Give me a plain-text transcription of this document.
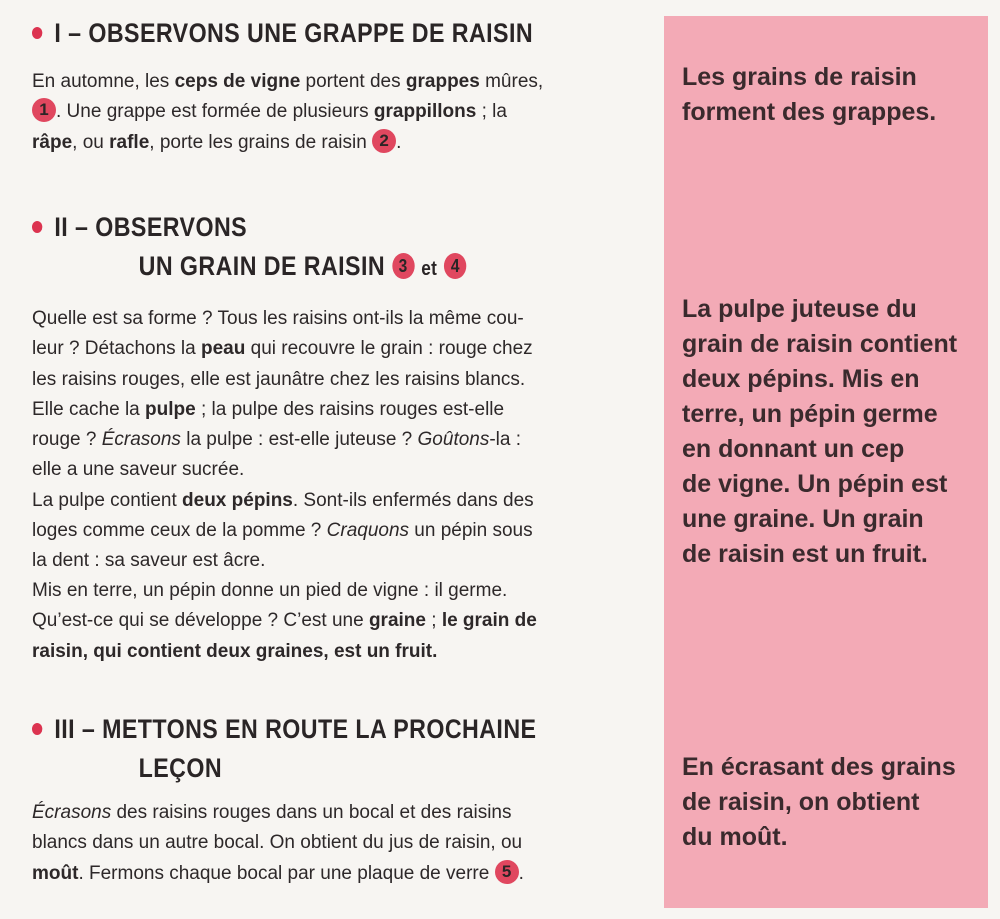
I – OBSERVONS UNE GRAPPE DE RAISIN

En automne, les ceps de vigne portent des grappes mûres,
1 . Une grappe est formée de plusieurs grappillons ; la
râpe, ou rafle, porte les grains de raisin 2 .

II – OBSERVONS
UN GRAIN DE RAISIN 3 et 4

Quelle est sa forme ? Tous les raisins ont-ils la même cou-
leur ? Détachons la peau qui recouvre le grain : rouge chez
les raisins rouges, elle est jaunâtre chez les raisins blancs.
Elle cache la pulpe ; la pulpe des raisins rouges est-elle
rouge ? Écrasons la pulpe : est-elle juteuse ? Goûtons-la :
elle a une saveur sucrée.
La pulpe contient deux pépins. Sont-ils enfermés dans des
loges comme ceux de la pomme ? Craquons un pépin sous
la dent : sa saveur est âcre.
Mis en terre, un pépin donne un pied de vigne : il germe.
Qu’est-ce qui se développe ? C’est une graine ; le grain de
raisin, qui contient deux graines, est un fruit.

III – METTONS EN ROUTE LA PROCHAINE
LEÇON

Écrasons des raisins rouges dans un bocal et des raisins
blancs dans un autre bocal. On obtient du jus de raisin, ou
moût. Fermons chaque bocal par une plaque de verre 5 .

Les grains de raisin
forment des grappes.
La pulpe juteuse du
grain de raisin contient
deux pépins. Mis en
terre, un pépin germe
en donnant un cep
de vigne. Un pépin est
une graine. Un grain
de raisin est un fruit.
En écrasant des grains
de raisin, on obtient
du moût.
